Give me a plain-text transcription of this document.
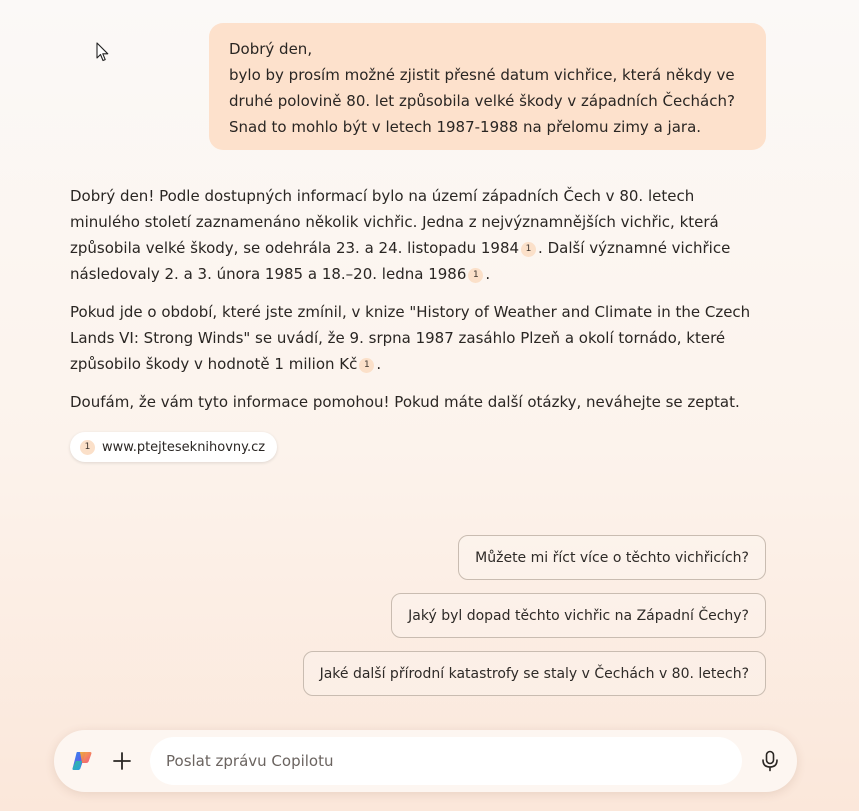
Dobrý den,

bylo by prosím možné zjistit přesné datum vichřice, která někdy ve

druhé polovině 80. let způsobila velké škody v západních Čechách?

Snad to mohlo být v letech 1987-1988 na přelomu zimy a jara.

Dobrý den! Podle dostupných informací bylo na území západních Čech v 80. letech
minulého století zaznamenáno několik vichřic. Jedna z nejvýznamnějších vichřic, která
způsobila velké škody, se odehrála 23. a 24. listopadu 1984 1 . Další významné vichřice
následovaly 2. a 3. února 1985 a 18.–20. ledna 1986 1 .

Pokud jde o období, které jste zmínil, v knize "History of Weather and Climate in the Czech
Lands VI: Strong Winds" se uvádí, že 9. srpna 1987 zasáhlo Plzeň a okolí tornádo, které
způsobilo škody v hodnotě 1 milion Kč 1 .

Doufám, že vám tyto informace pomohou! Pokud máte další otázky, neváhejte se zeptat.

1 www.ptejteseknihovny.cz
Můžete mi říct více o těchto vichřicích?
Jaký byl dopad těchto vichřic na Západní Čechy?
Jaké další přírodní katastrofy se staly v Čechách v 80. letech?
Poslat zprávu Copilotu
